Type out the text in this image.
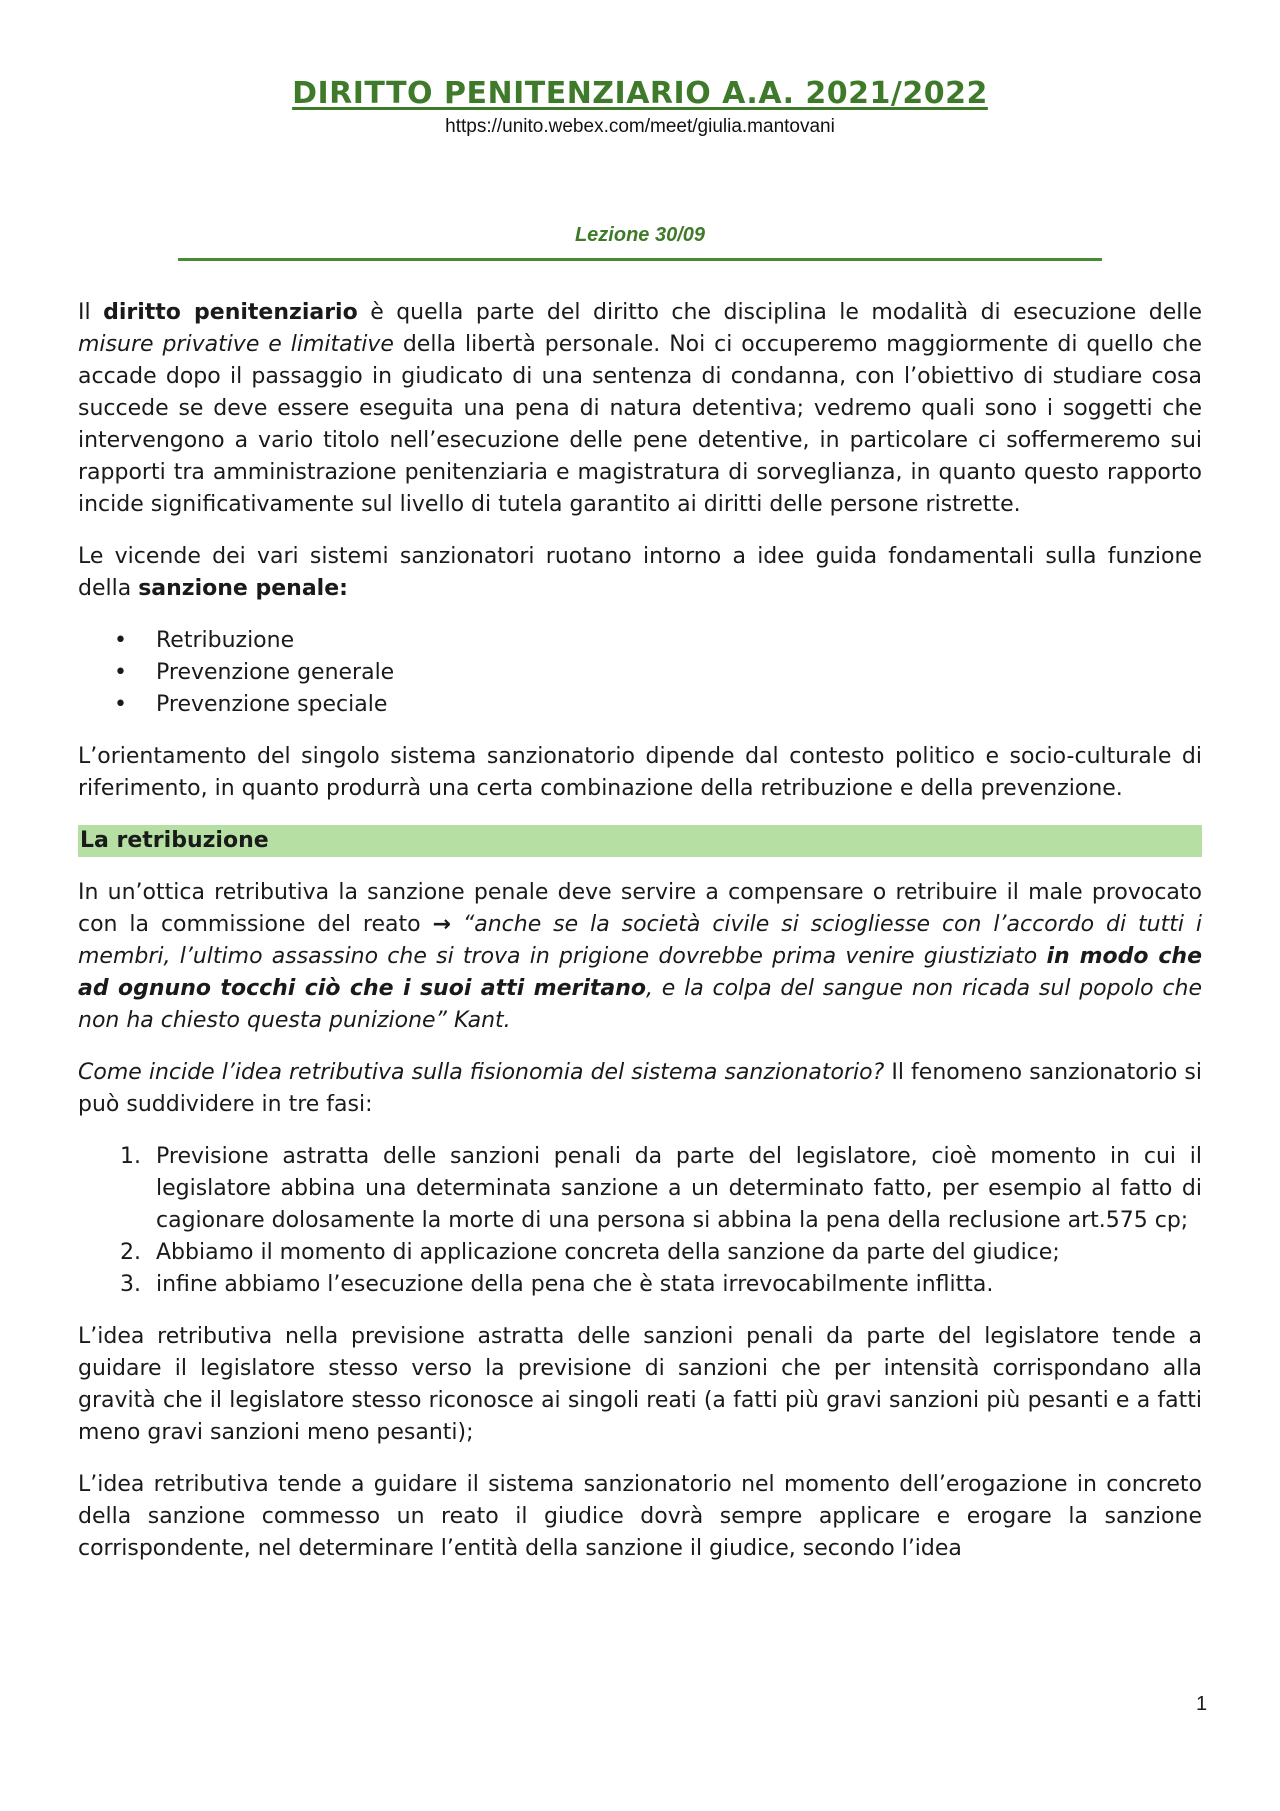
DIRITTO PENITENZIARIO A.A. 2021/2022
https://unito.webex.com/meet/giulia.mantovani
Lezione 30/09

Il diritto penitenziario è quella parte del diritto che disciplina le modalità di esecuzione delle misure privative e limitative della libertà personale. Noi ci occuperemo maggiormente di quello che accade dopo il passaggio in giudicato di una sentenza di condanna, con l’obiettivo di studiare cosa succede se deve essere eseguita una pena di natura detentiva; vedremo quali sono i soggetti che intervengono a vario titolo nell’esecuzione delle pene detentive, in particolare ci soffermeremo sui rapporti tra amministrazione penitenziaria e magistratura di sorveglianza, in quanto questo rapporto incide significativamente sul livello di tutela garantito ai diritti delle persone ristrette.

Le vicende dei vari sistemi sanzionatori ruotano intorno a idee guida fondamentali sulla funzione della sanzione penale:

• Retribuzione
• Prevenzione generale
• Prevenzione speciale

L’orientamento del singolo sistema sanzionatorio dipende dal contesto politico e socio-culturale di riferimento, in quanto produrrà una certa combinazione della retribuzione e della prevenzione.

La retribuzione

In un’ottica retributiva la sanzione penale deve servire a compensare o retribuire il male provocato con la commissione del reato → “anche se la società civile si sciogliesse con l’accordo di tutti i membri, l’ultimo assassino che si trova in prigione dovrebbe prima venire giustiziato in modo che ad ognuno tocchi ciò che i suoi atti meritano, e la colpa del sangue non ricada sul popolo che non ha chiesto questa punizione” Kant.

Come incide l’idea retributiva sulla fisionomia del sistema sanzionatorio? Il fenomeno sanzionatorio si può suddividere in tre fasi:

1. Previsione astratta delle sanzioni penali da parte del legislatore, cioè momento in cui il legislatore abbina una determinata sanzione a un determinato fatto, per esempio al fatto di cagionare dolosamente la morte di una persona si abbina la pena della reclusione art.575 cp;
2. Abbiamo il momento di applicazione concreta della sanzione da parte del giudice;
3. infine abbiamo l’esecuzione della pena che è stata irrevocabilmente inflitta.

L’idea retributiva nella previsione astratta delle sanzioni penali da parte del legislatore tende a guidare il legislatore stesso verso la previsione di sanzioni che per intensità corrispondano alla gravità che il legislatore stesso riconosce ai singoli reati (a fatti più gravi sanzioni più pesanti e a fatti meno gravi sanzioni meno pesanti);

L’idea retributiva tende a guidare il sistema sanzionatorio nel momento dell’erogazione in concreto della sanzione commesso un reato il giudice dovrà sempre applicare e erogare la sanzione corrispondente, nel determinare l’entità della sanzione il giudice, secondo l’idea

1
